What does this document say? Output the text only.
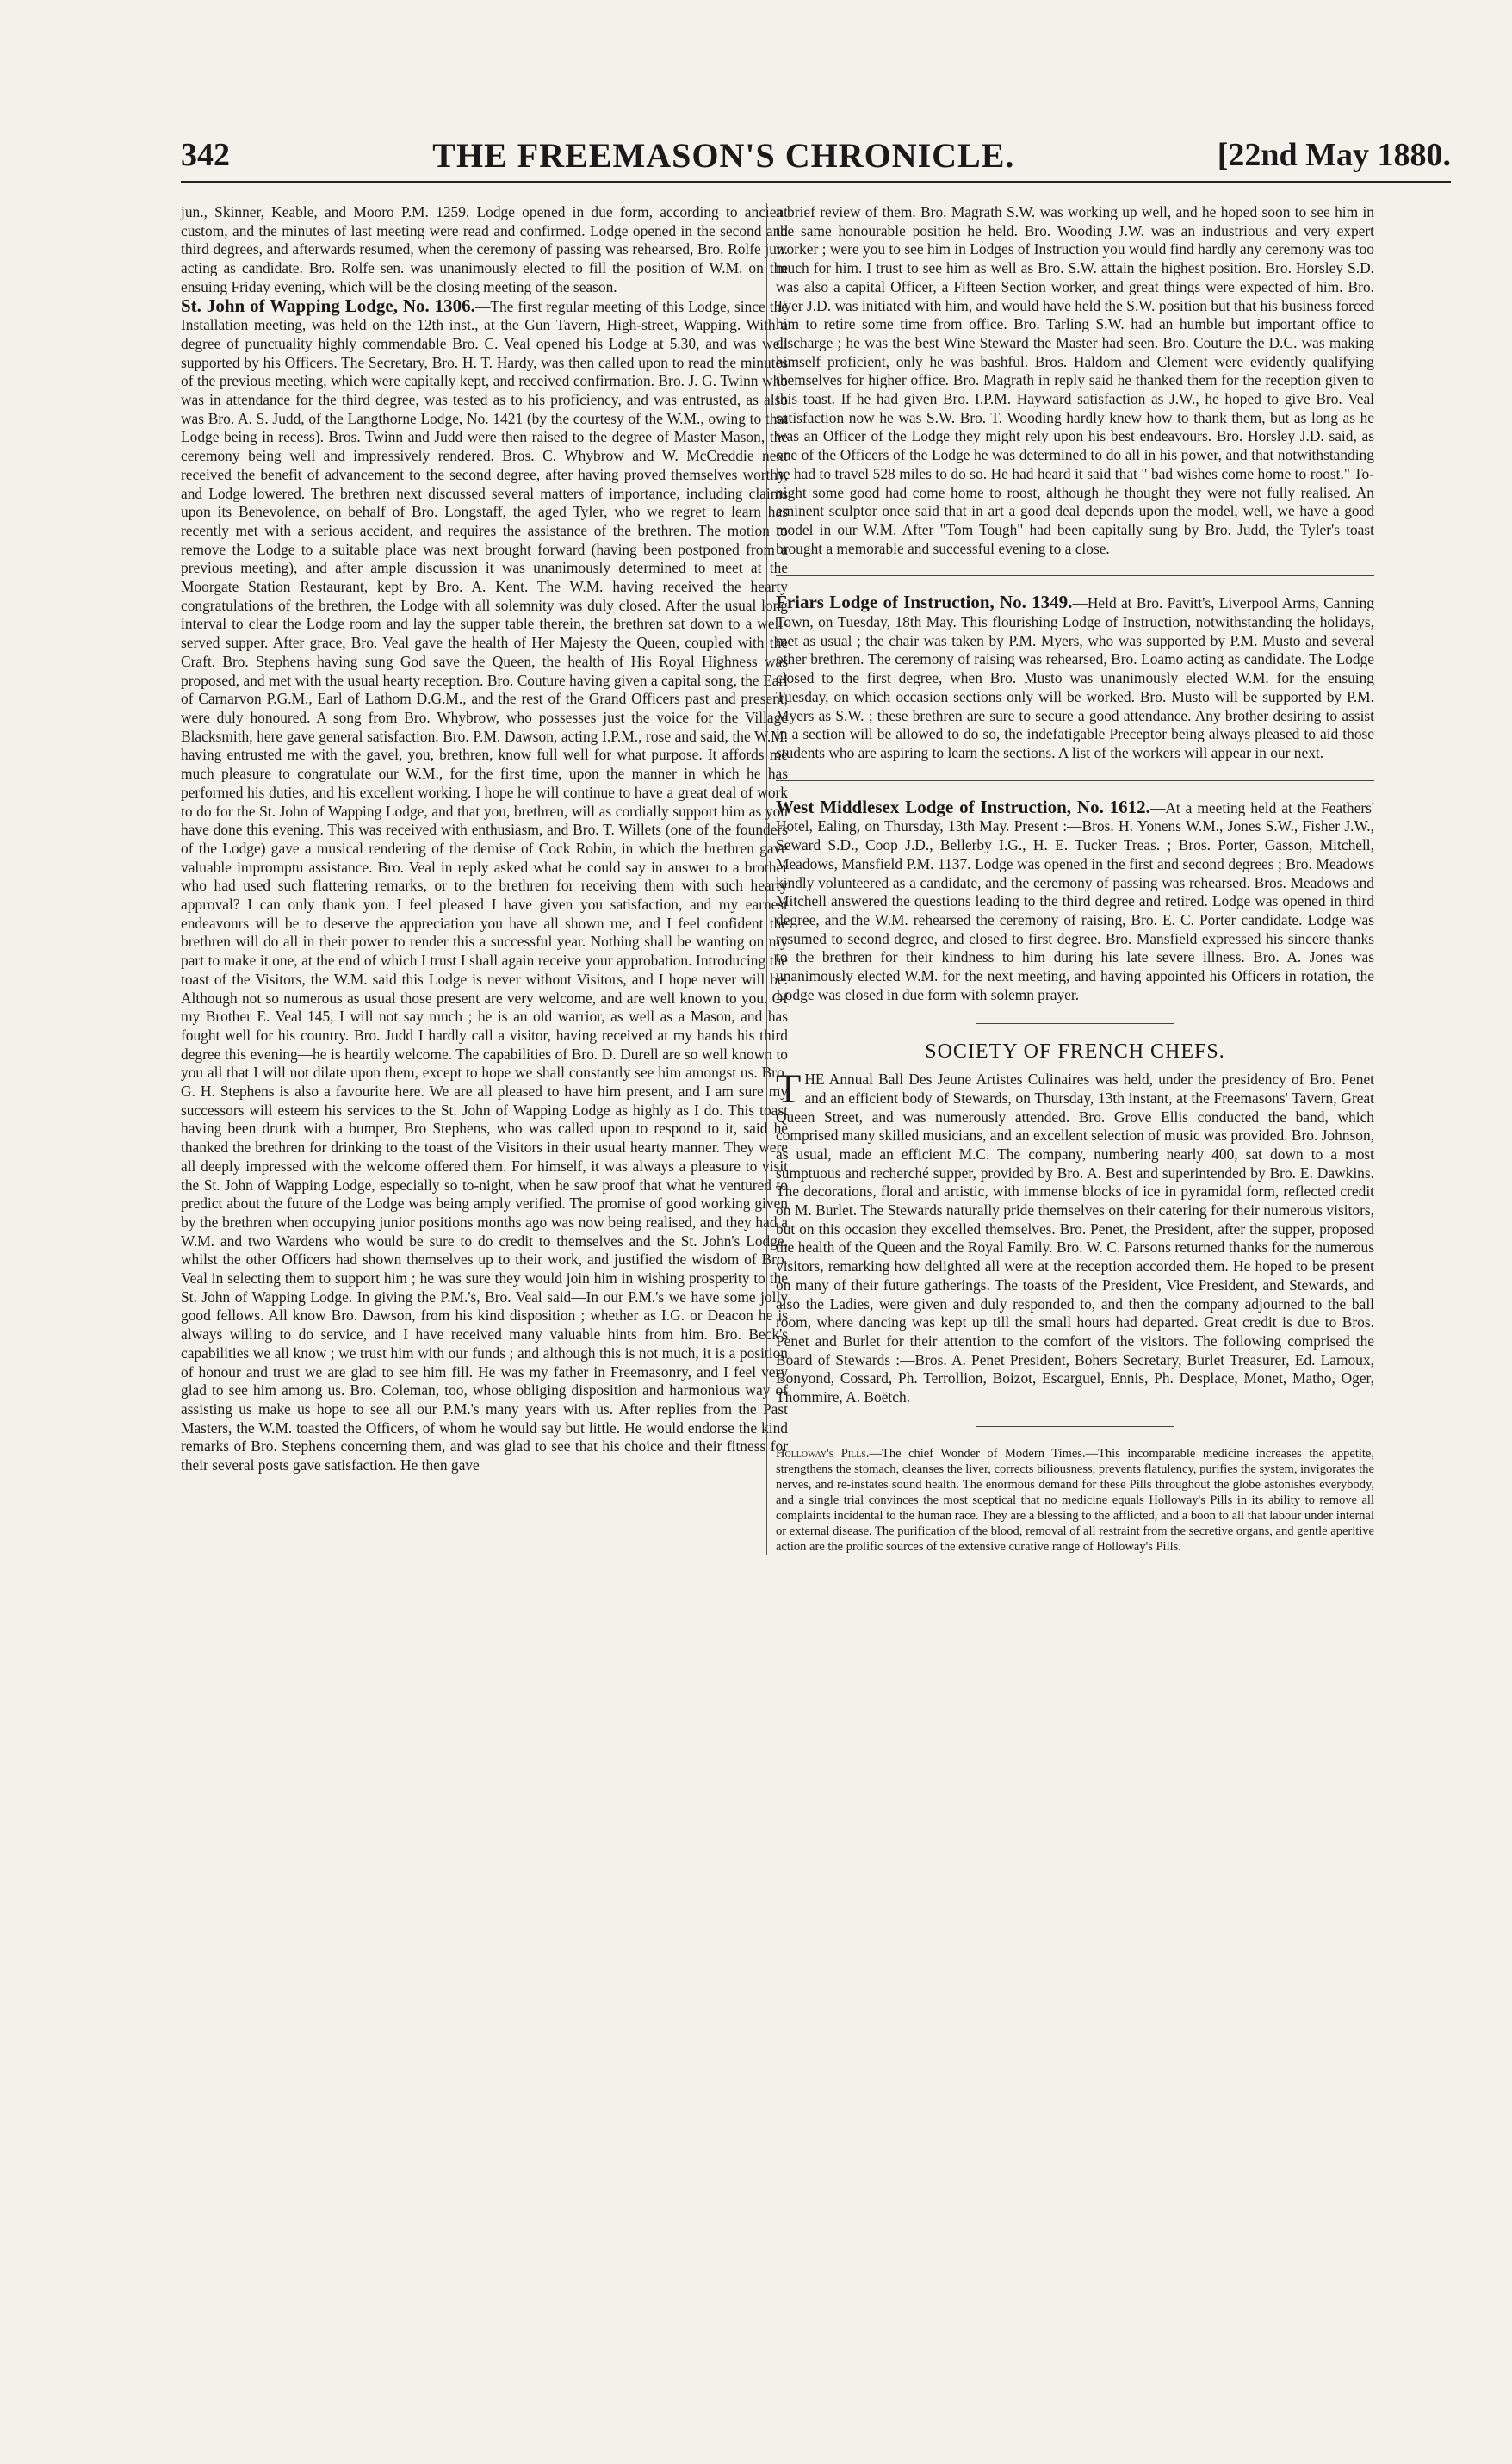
342	THE FREEMASON'S CHRONICLE.	[22nd May 1880.

jun., Skinner, Keable, and Mooro P.M. 1259. Lodge opened in due form, according to ancient custom, and the minutes of last meeting were read and confirmed. Lodge opened in the second and third degrees, and afterwards resumed, when the ceremony of passing was rehearsed, Bro. Rolfe jun. acting as candidate. Bro. Rolfe sen. was unanimously elected to fill the position of W.M. on the ensuing Friday evening, which will be the closing meeting of the season.

St. John of Wapping Lodge, No. 1306.—The first regular meeting of this Lodge, since the Installation meeting, was held on the 12th inst., at the Gun Tavern, High-street, Wapping. With a degree of punctuality highly commendable Bro. C. Veal opened his Lodge at 5.30, and was well supported by his Officers. The Secretary, Bro. H. T. Hardy, was then called upon to read the minutes of the previous meeting, which were capitally kept, and received confirmation. Bro. J. G. Twinn who was in attendance for the third degree, was tested as to his proficiency, and was entrusted, as also was Bro. A. S. Judd, of the Langthorne Lodge, No. 1421 (by the courtesy of the W.M., owing to that Lodge being in recess). Bros. Twinn and Judd were then raised to the degree of Master Mason, the ceremony being well and impressively rendered. Bros. C. Whybrow and W. McCreddie next received the benefit of advancement to the second degree, after having proved themselves worthy, and Lodge lowered. The brethren next discussed several matters of importance, including claims upon its Benevolence, on behalf of Bro. Longstaff, the aged Tyler, who we regret to learn has recently met with a serious accident, and requires the assistance of the brethren. The motion to remove the Lodge to a suitable place was next brought forward (having been postponed from a previous meeting), and after ample discussion it was unanimously determined to meet at the Moorgate Station Restaurant, kept by Bro. A. Kent. The W.M. having received the hearty congratulations of the brethren, the Lodge with all solemnity was duly closed. After the usual long interval to clear the Lodge room and lay the supper table therein, the brethren sat down to a well-served supper. After grace, Bro. Veal gave the health of Her Majesty the Queen, coupled with the Craft. Bro. Stephens having sung God save the Queen, the health of His Royal Highness was proposed, and met with the usual hearty reception. Bro. Couture having given a capital song, the Earl of Carnarvon P.G.M., Earl of Lathom D.G.M., and the rest of the Grand Officers past and present, were duly honoured. A song from Bro. Whybrow, who possesses just the voice for the Village Blacksmith, here gave general satisfaction. Bro. P.M. Dawson, acting I.P.M., rose and said, the W.M. having entrusted me with the gavel, you, brethren, know full well for what purpose. It affords me much pleasure to congratulate our W.M., for the first time, upon the manner in which he has performed his duties, and his excellent working. I hope he will continue to have a great deal of work to do for the St. John of Wapping Lodge, and that you, brethren, will as cordially support him as you have done this evening. This was received with enthusiasm, and Bro. T. Willets (one of the founders of the Lodge) gave a musical rendering of the demise of Cock Robin, in which the brethren gave valuable impromptu assistance. Bro. Veal in reply asked what he could say in answer to a brother who had used such flattering remarks, or to the brethren for receiving them with such hearty approval? I can only thank you. I feel pleased I have given you satisfaction, and my earnest endeavours will be to deserve the appreciation you have all shown me, and I feel confident the brethren will do all in their power to render this a successful year. Nothing shall be wanting on my part to make it one, at the end of which I trust I shall again receive your approbation. Introducing the toast of the Visitors, the W.M. said this Lodge is never without Visitors, and I hope never will be. Although not so numerous as usual those present are very welcome, and are well known to you. Of my Brother E. Veal 145, I will not say much ; he is an old warrior, as well as a Mason, and has fought well for his country. Bro. Judd I hardly call a visitor, having received at my hands his third degree this evening—he is heartily welcome. The capabilities of Bro. D. Durell are so well known to you all that I will not dilate upon them, except to hope we shall constantly see him amongst us. Bro. G. H. Stephens is also a favourite here. We are all pleased to have him present, and I am sure my successors will esteem his services to the St. John of Wapping Lodge as highly as I do. This toast having been drunk with a bumper, Bro Stephens, who was called upon to respond to it, said he thanked the brethren for drinking to the toast of the Visitors in their usual hearty manner. They were all deeply impressed with the welcome offered them. For himself, it was always a pleasure to visit the St. John of Wapping Lodge, especially so to-night, when he saw proof that what he ventured to predict about the future of the Lodge was being amply verified. The promise of good working given by the brethren when occupying junior positions months ago was now being realised, and they had a W.M. and two Wardens who would be sure to do credit to themselves and the St. John's Lodge, whilst the other Officers had shown themselves up to their work, and justified the wisdom of Bro. Veal in selecting them to support him ; he was sure they would join him in wishing prosperity to the St. John of Wapping Lodge. In giving the P.M.'s, Bro. Veal said—In our P.M.'s we have some jolly good fellows. All know Bro. Dawson, from his kind disposition ; whether as I.G. or Deacon he is always willing to do service, and I have received many valuable hints from him. Bro. Beck's capabilities we all know ; we trust him with our funds ; and although this is not much, it is a position of honour and trust we are glad to see him fill. He was my father in Freemasonry, and I feel very glad to see him among us. Bro. Coleman, too, whose obliging disposition and harmonious way of assisting us make us hope to see all our P.M.'s many years with us. After replies from the Past Masters, the W.M. toasted the Officers, of whom he would say but little. He would endorse the kind remarks of Bro. Stephens concerning them, and was glad to see that his choice and their fitness for their several posts gave satisfaction. He then gave

a brief review of them. Bro. Magrath S.W. was working up well, and he hoped soon to see him in the same honourable position he held. Bro. Wooding J.W. was an industrious and very expert worker ; were you to see him in Lodges of Instruction you would find hardly any ceremony was too much for him. I trust to see him as well as Bro. S.W. attain the highest position. Bro. Horsley S.D. was also a capital Officer, a Fifteen Section worker, and great things were expected of him. Bro. Tyer J.D. was initiated with him, and would have held the S.W. position but that his business forced him to retire some time from office. Bro. Tarling S.W. had an humble but important office to discharge ; he was the best Wine Steward the Master had seen. Bro. Couture the D.C. was making himself proficient, only he was bashful. Bros. Haldom and Clement were evidently qualifying themselves for higher office. Bro. Magrath in reply said he thanked them for the reception given to this toast. If he had given Bro. I.P.M. Hayward satisfaction as J.W., he hoped to give Bro. Veal satisfaction now he was S.W. Bro. T. Wooding hardly knew how to thank them, but as long as he was an Officer of the Lodge they might rely upon his best endeavours. Bro. Horsley J.D. said, as one of the Officers of the Lodge he was determined to do all in his power, and that notwithstanding he had to travel 528 miles to do so. He had heard it said that " bad wishes come home to roost." To-night some good had come home to roost, although he thought they were not fully realised. An eminent sculptor once said that in art a good deal depends upon the model, well, we have a good model in our W.M. After "Tom Tough" had been capitally sung by Bro. Judd, the Tyler's toast brought a memorable and successful evening to a close.

Friars Lodge of Instruction, No. 1349.—Held at Bro. Pavitt's, Liverpool Arms, Canning Town, on Tuesday, 18th May. This flourishing Lodge of Instruction, notwithstanding the holidays, met as usual ; the chair was taken by P.M. Myers, who was supported by P.M. Musto and several other brethren. The ceremony of raising was rehearsed, Bro. Loamo acting as candidate. The Lodge closed to the first degree, when Bro. Musto was unanimously elected W.M. for the ensuing Tuesday, on which occasion sections only will be worked. Bro. Musto will be supported by P.M. Myers as S.W. ; these brethren are sure to secure a good attendance. Any brother desiring to assist in a section will be allowed to do so, the indefatigable Preceptor being always pleased to aid those students who are aspiring to learn the sections. A list of the workers will appear in our next.

West Middlesex Lodge of Instruction, No. 1612.—At a meeting held at the Feathers' Hotel, Ealing, on Thursday, 13th May. Present :—Bros. H. Yonens W.M., Jones S.W., Fisher J.W., Seward S.D., Coop J.D., Bellerby I.G., H. E. Tucker Treas. ; Bros. Porter, Gasson, Mitchell, Meadows, Mansfield P.M. 1137. Lodge was opened in the first and second degrees ; Bro. Meadows kindly volunteered as a candidate, and the ceremony of passing was rehearsed. Bros. Meadows and Mitchell answered the questions leading to the third degree and retired. Lodge was opened in third degree, and the W.M. rehearsed the ceremony of raising, Bro. E. C. Porter candidate. Lodge was resumed to second degree, and closed to first degree. Bro. Mansfield expressed his sincere thanks to the brethren for their kindness to him during his late severe illness. Bro. A. Jones was unanimously elected W.M. for the next meeting, and having appointed his Officers in rotation, the Lodge was closed in due form with solemn prayer.

SOCIETY OF FRENCH CHEFS.

THE Annual Ball Des Jeune Artistes Culinaires was held, under the presidency of Bro. Penet and an efficient body of Stewards, on Thursday, 13th instant, at the Freemasons' Tavern, Great Queen Street, and was numerously attended. Bro. Grove Ellis conducted the band, which comprised many skilled musicians, and an excellent selection of music was provided. Bro. Johnson, as usual, made an efficient M.C. The company, numbering nearly 400, sat down to a most sumptuous and recherché supper, provided by Bro. A. Best and superintended by Bro. E. Dawkins. The decorations, floral and artistic, with immense blocks of ice in pyramidal form, reflected credit on M. Burlet. The Stewards naturally pride themselves on their catering for their numerous visitors, but on this occasion they excelled themselves. Bro. Penet, the President, after the supper, proposed the health of the Queen and the Royal Family. Bro. W. C. Parsons returned thanks for the numerous visitors, remarking how delighted all were at the reception accorded them. He hoped to be present on many of their future gatherings. The toasts of the President, Vice President, and Stewards, and also the Ladies, were given and duly responded to, and then the company adjourned to the ball room, where dancing was kept up till the small hours had departed. Great credit is due to Bros. Penet and Burlet for their attention to the comfort of the visitors. The following comprised the Board of Stewards :—Bros. A. Penet President, Bohers Secretary, Burlet Treasurer, Ed. Lamoux, Bonyond, Cossard, Ph. Terrollion, Boizot, Escarguel, Ennis, Ph. Desplace, Monet, Matho, Oger, Thommire, A. Boëtch.

Holloway's Pills.—The chief Wonder of Modern Times.—This incomparable medicine increases the appetite, strengthens the stomach, cleanses the liver, corrects biliousness, prevents flatulency, purifies the system, invigorates the nerves, and re-instates sound health. The enormous demand for these Pills throughout the globe astonishes everybody, and a single trial convinces the most sceptical that no medicine equals Holloway's Pills in its ability to remove all complaints incidental to the human race. They are a blessing to the afflicted, and a boon to all that labour under internal or external disease. The purification of the blood, removal of all restraint from the secretive organs, and gentle aperitive action are the prolific sources of the extensive curative range of Holloway's Pills.
